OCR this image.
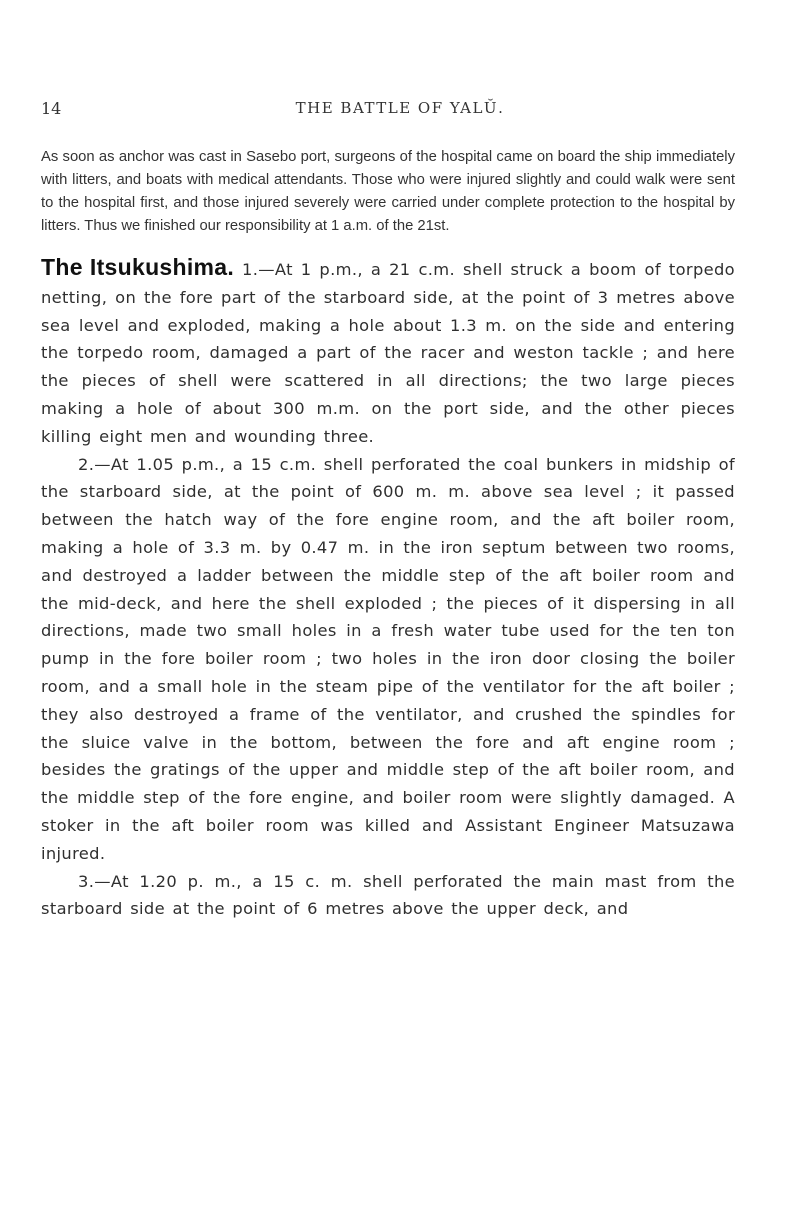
14	THE BATTLE OF YALŬ.

As soon as anchor was cast in Sasebo port, surgeons of the hospital came on board the ship immediately with litters, and boats with medical attendants. Those who were injured slightly and could walk were sent to the hospital first, and those injured severely were carried under complete protection to the hospital by litters. Thus we finished our responsibility at 1 a.m. of the 21st.

The Itsukushima. 1.—At 1 p.m., a 21 c.m. shell struck a boom of torpedo netting, on the fore part of the starboard side, at the point of 3 metres above sea level and exploded, making a hole about 1.3 m. on the side and entering the torpedo room, damaged a part of the racer and weston tackle ; and here the pieces of shell were scattered in all directions; the two large pieces making a hole of about 300 m.m. on the port side, and the other pieces killing eight men and wounding three.

2.—At 1.05 p.m., a 15 c.m. shell perforated the coal bunkers in midship of the starboard side, at the point of 600 m. m. above sea level ; it passed between the hatch way of the fore engine room, and the aft boiler room, making a hole of 3.3 m. by 0.47 m. in the iron septum between two rooms, and destroyed a ladder between the middle step of the aft boiler room and the mid-deck, and here the shell exploded ; the pieces of it dispersing in all directions, made two small holes in a fresh water tube used for the ten ton pump in the fore boiler room ; two holes in the iron door closing the boiler room, and a small hole in the steam pipe of the ventilator for the aft boiler ; they also destroyed a frame of the ventilator, and crushed the spindles for the sluice valve in the bottom, between the fore and aft engine room ; besides the gratings of the upper and middle step of the aft boiler room, and the middle step of the fore engine, and boiler room were slightly damaged. A stoker in the aft boiler room was killed and Assistant Engineer Matsuzawa injured.

3.—At 1.20 p. m., a 15 c. m. shell perforated the main mast from the starboard side at the point of 6 metres above the upper deck, and
